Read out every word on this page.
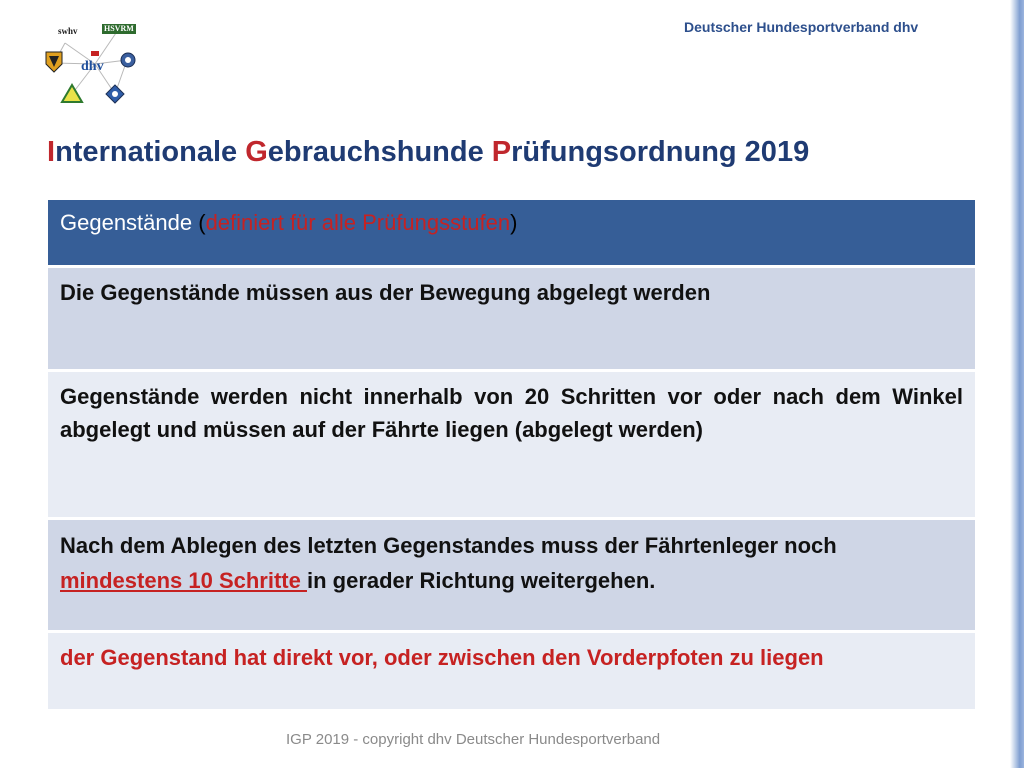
Deutscher Hundesportverband dhv
swhv	HSVRM
dhv
Internationale Gebrauchshunde Prüfungsordnung 2019
Gegenstände (definiert für alle Prüfungsstufen)
Die Gegenstände müssen aus der Bewegung abgelegt werden
Gegenstände werden nicht innerhalb von 20 Schritten vor oder nach dem Winkel abgelegt und müssen auf der Fährte liegen (abgelegt werden)
Nach dem Ablegen des letzten Gegenstandes muss der Fährtenleger noch mindestens 10 Schritte in gerader Richtung weitergehen.
der Gegenstand hat direkt vor, oder zwischen den Vorderpfoten zu liegen
IGP 2019 - copyright dhv Deutscher Hundesportverband
